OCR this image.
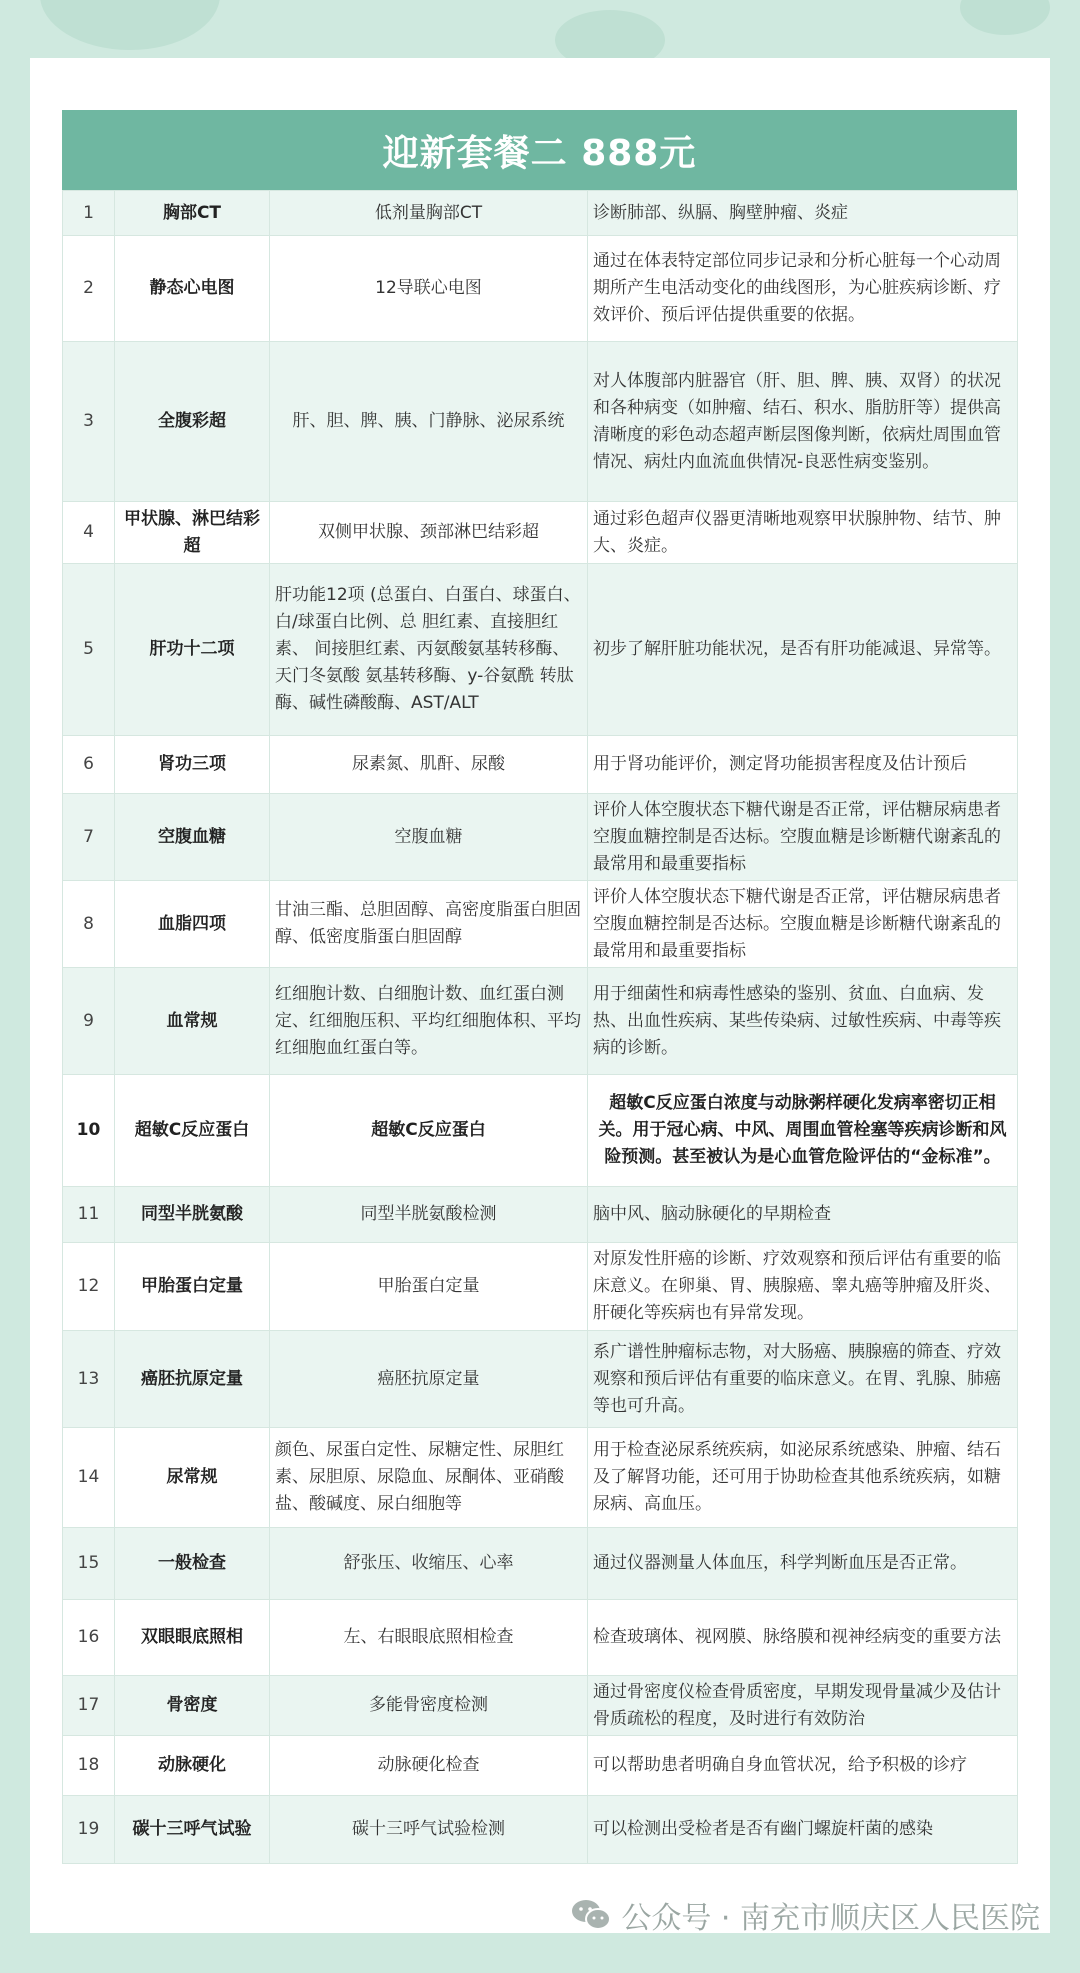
迎新套餐二 888元
1	胸部CT	低剂量胸部CT	诊断肺部、纵膈、胸壁肿瘤、炎症
2	静态心电图	12导联心电图	通过在体表特定部位同步记录和分析心脏每一个心动周期所产生电活动变化的曲线图形，为心脏疾病诊断、疗效评价、预后评估提供重要的依据。
3	全腹彩超	肝、胆、脾、胰、门静脉、泌尿系统	对人体腹部内脏器官（肝、胆、脾、胰、双肾）的状况和各种病变（如肿瘤、结石、积水、脂肪肝等）提供高清晰度的彩色动态超声断层图像判断，依病灶周围血管情况、病灶内血流血供情况-良恶性病变鉴别。
4	甲状腺、淋巴结彩超	双侧甲状腺、颈部淋巴结彩超	通过彩色超声仪器更清晰地观察甲状腺肿物、结节、肿大、炎症。
5	肝功十二项	肝功能12项 (总蛋白、白蛋白、球蛋白、白/球蛋白比例、总 胆红素、直接胆红素、 间接胆红素、丙氨酸氨基转移酶、天门冬氨酸 氨基转移酶、y-谷氨酰 转肽酶、碱性磷酸酶、AST/ALT	初步了解肝脏功能状况，是否有肝功能减退、异常等。
6	肾功三项	尿素氮、肌酐、尿酸	用于肾功能评价，测定肾功能损害程度及估计预后
7	空腹血糖	空腹血糖	评价人体空腹状态下糖代谢是否正常，评估糖尿病患者空腹血糖控制是否达标。空腹血糖是诊断糖代谢紊乱的最常用和最重要指标
8	血脂四项	甘油三酯、总胆固醇、高密度脂蛋白胆固醇、低密度脂蛋白胆固醇	评价人体空腹状态下糖代谢是否正常，评估糖尿病患者空腹血糖控制是否达标。空腹血糖是诊断糖代谢紊乱的最常用和最重要指标
9	血常规	红细胞计数、白细胞计数、血红蛋白测定、红细胞压积、平均红细胞体积、平均红细胞血红蛋白等。	用于细菌性和病毒性感染的鉴别、贫血、白血病、发热、出血性疾病、某些传染病、过敏性疾病、中毒等疾病的诊断。
10	超敏C反应蛋白	超敏C反应蛋白	超敏C反应蛋白浓度与动脉粥样硬化发病率密切正相关。用于冠心病、中风、周围血管栓塞等疾病诊断和风险预测。甚至被认为是心血管危险评估的“金标准”。
11	同型半胱氨酸	同型半胱氨酸检测	脑中风、脑动脉硬化的早期检查
12	甲胎蛋白定量	甲胎蛋白定量	对原发性肝癌的诊断、疗效观察和预后评估有重要的临床意义。在卵巢、胃、胰腺癌、睾丸癌等肿瘤及肝炎、肝硬化等疾病也有异常发现。
13	癌胚抗原定量	癌胚抗原定量	系广谱性肿瘤标志物，对大肠癌、胰腺癌的筛查、疗效观察和预后评估有重要的临床意义。在胃、乳腺、肺癌等也可升高。
14	尿常规	颜色、尿蛋白定性、尿糖定性、尿胆红素、尿胆原、尿隐血、尿酮体、亚硝酸盐、酸碱度、尿白细胞等	用于检查泌尿系统疾病，如泌尿系统感染、肿瘤、结石及了解肾功能，还可用于协助检查其他系统疾病，如糖尿病、高血压。
15	一般检查	舒张压、收缩压、心率	通过仪器测量人体血压，科学判断血压是否正常。
16	双眼眼底照相	左、右眼眼底照相检查	检查玻璃体、视网膜、脉络膜和视神经病变的重要方法
17	骨密度	多能骨密度检测	通过骨密度仪检查骨质密度，早期发现骨量减少及估计骨质疏松的程度，及时进行有效防治
18	动脉硬化	动脉硬化检查	可以帮助患者明确自身血管状况，给予积极的诊疗
19	碳十三呼气试验	碳十三呼气试验检测	可以检测出受检者是否有幽门螺旋杆菌的感染
公众号 · 南充市顺庆区人民医院
